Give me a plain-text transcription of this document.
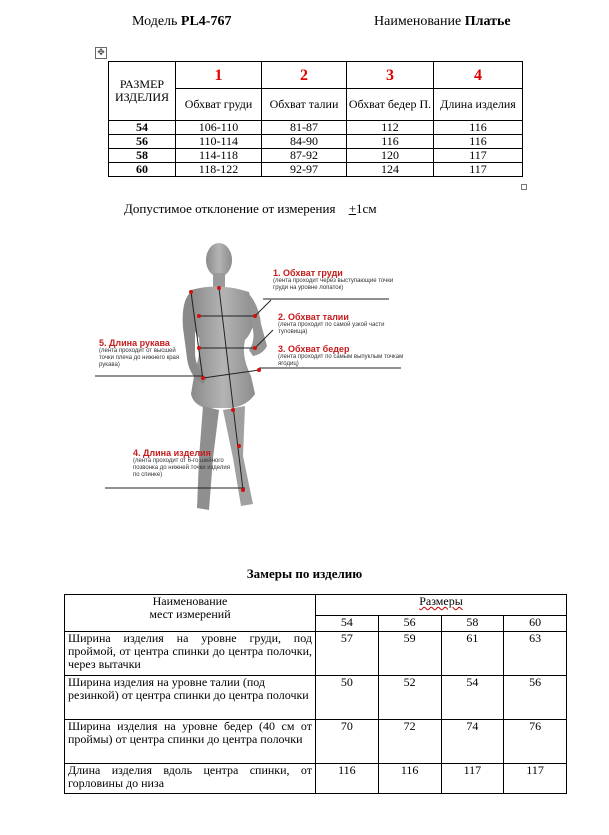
Модель PL4-767	Наименование Платье
✥
РАЗМЕР ИЗДЕЛИЯ	1	2	3	4
	Обхват груди	Обхват талии	Обхват бедер П.	Длина изделия
54	106-110	81-87	112	116
56	110-114	84-90	116	116
58	114-118	87-92	120	117
60	118-122	92-97	124	117
Допустимое отклонение от измерения +1см
1. Обхват груди
(лента проходит через выступающие точки груди на уровне лопаток)
2. Обхват талии
(лента проходит по самой узкой части туловища)
3. Обхват бедер
(лента проходит по самым выпуклым точкам ягодиц)
5. Длина рукава
(лента проходит от высшей точки плеча до нижнего края рукава)
4. Длина изделия
(лента проходит от 6-го шейного позвонка до нижней точки изделия по спинке)
Замеры по изделию
Наименование
мест измерений	Размеры			
	54	56	58	60
Ширина изделия на уровне груди, под проймой, от центра спинки до центра полочки, через вытачки	57	59	61	63
Ширина изделия на уровне талии (под резинкой) от центра спинки до центра полочки	50	52	54	56
Ширина изделия на уровне бедер (40 см от проймы) от центра спинки до центра полочки	70	72	74	76
Длина изделия вдоль центра спинки, от горловины до низа	116	116	117	117
